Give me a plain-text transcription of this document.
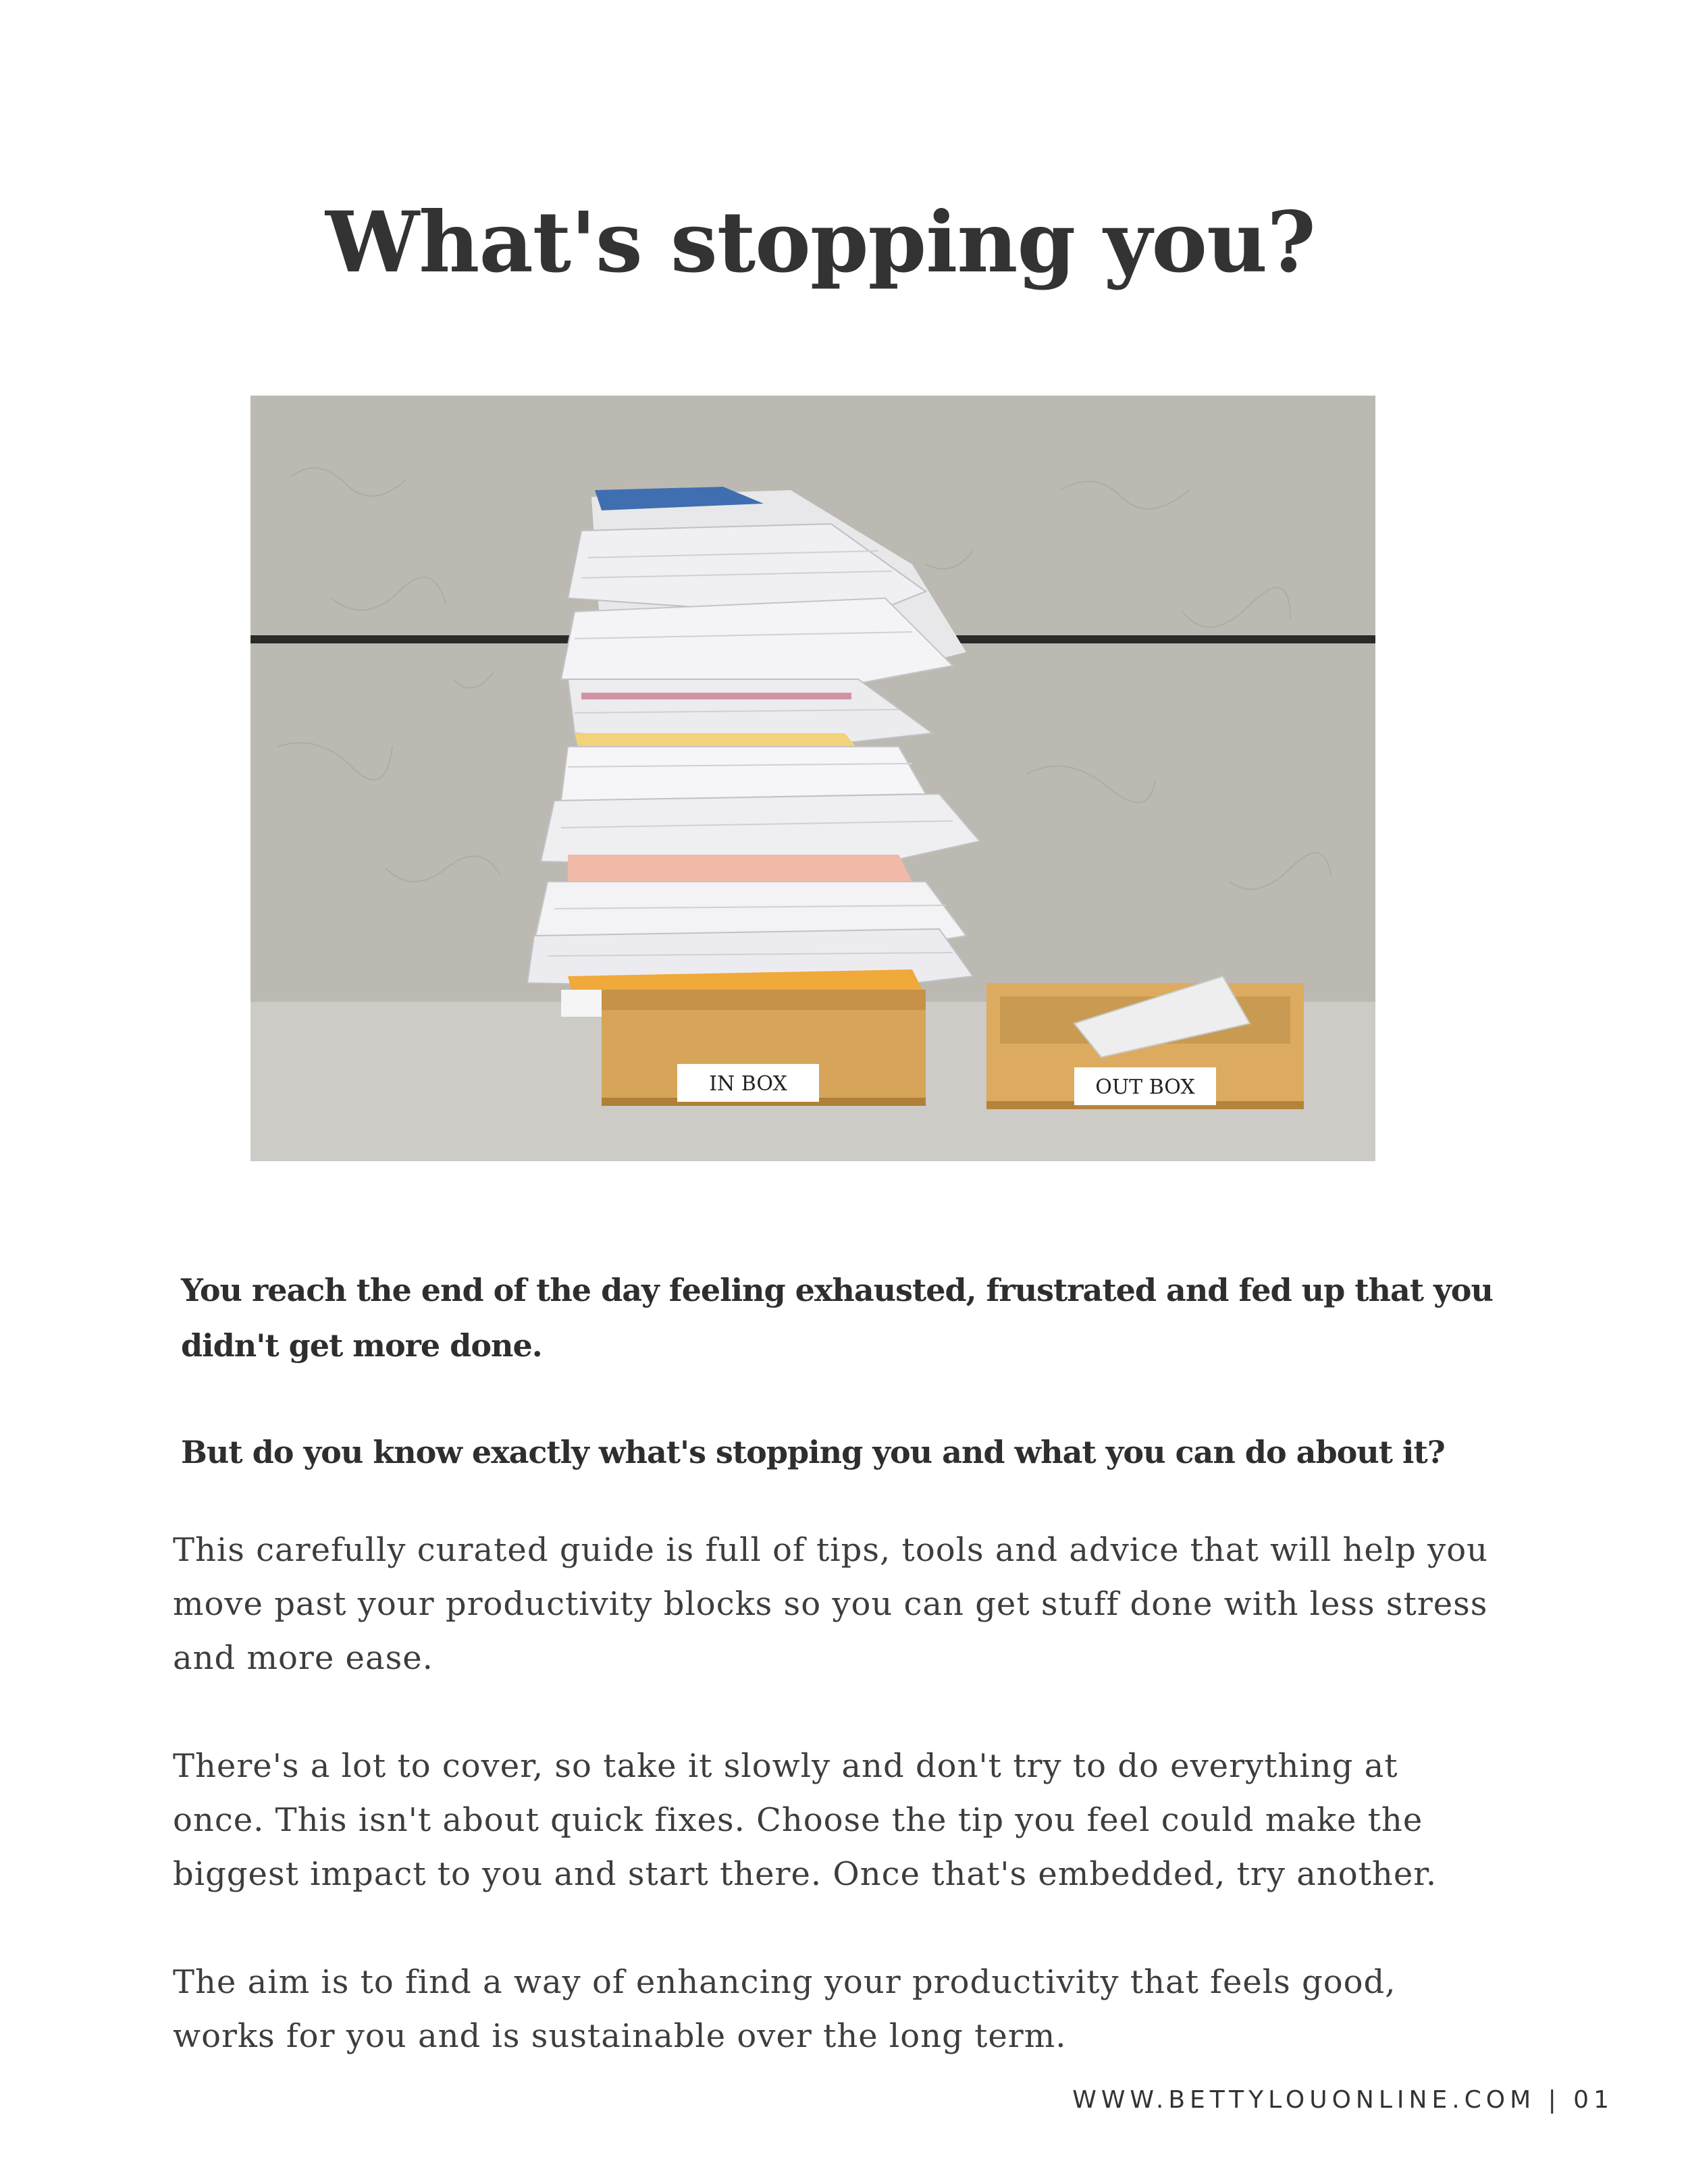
What's stopping you?
IN BOX	OUT BOX

You reach the end of the day feeling exhausted, frustrated and fed up that you didn't get more done.

But do you know exactly what's stopping you and what you can do about it?

This carefully curated guide is full of tips, tools and advice that will help you move past your productivity blocks so you can get stuff done with less stress and more ease.

There's a lot to cover, so take it slowly and don't try to do everything at once. This isn't about quick fixes. Choose the tip you feel could make the biggest impact to you and start there. Once that's embedded, try another.

The aim is to find a way of enhancing your productivity that feels good, works for you and is sustainable over the long term.

WWW.BETTYLOUONLINE.COM | 01
